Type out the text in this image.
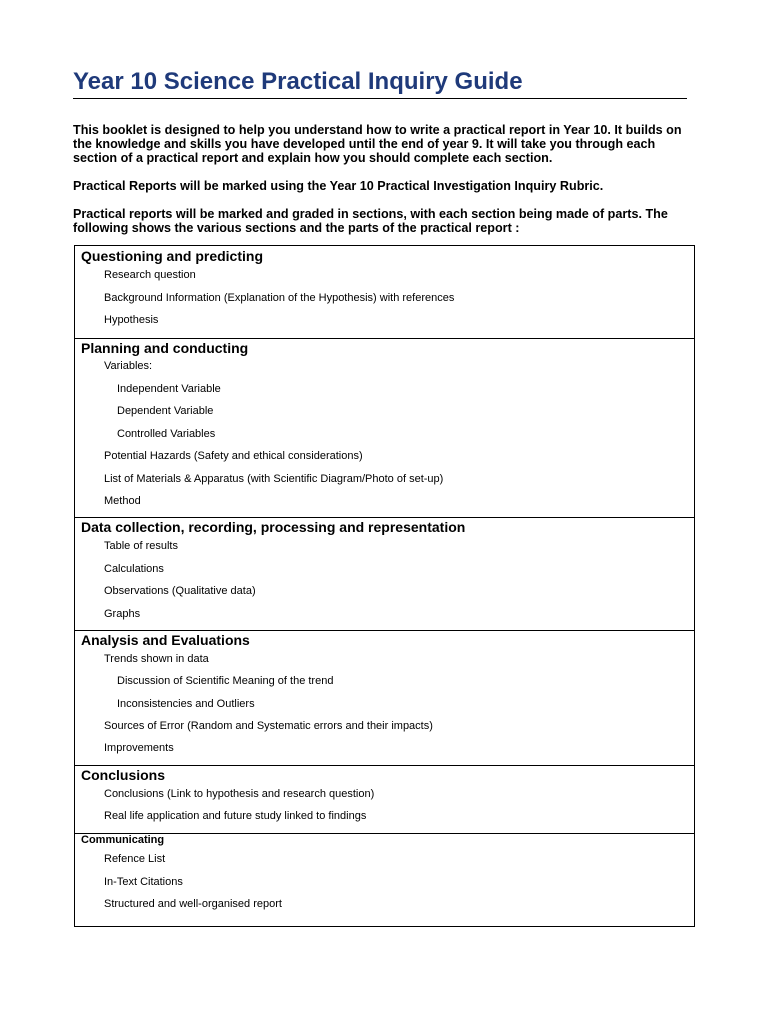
Year 10 Science Practical Inquiry Guide

This booklet is designed to help you understand how to write a practical report in Year 10. It builds on the knowledge and skills you have developed until the end of year 9. It will take you through each section of a practical report and explain how you should complete each section.

Practical Reports will be marked using the Year 10 Practical Investigation Inquiry Rubric.

Practical reports will be marked and graded in sections, with each section being made of parts. The following shows the various sections and the parts of the practical report :

Questioning and predicting
Research question
Background Information (Explanation of the Hypothesis) with references
Hypothesis
Planning and conducting
Variables:
Independent Variable
Dependent Variable
Controlled Variables
Potential Hazards (Safety and ethical considerations)
List of Materials & Apparatus (with Scientific Diagram/Photo of set-up)
Method
Data collection, recording, processing and representation
Table of results
Calculations
Observations (Qualitative data)
Graphs
Analysis and Evaluations
Trends shown in data
Discussion of Scientific Meaning of the trend
Inconsistencies and Outliers
Sources of Error (Random and Systematic errors and their impacts)
Improvements
Conclusions
Conclusions (Link to hypothesis and research question)
Real life application and future study linked to findings
Communicating
Refence List
In-Text Citations
Structured and well-organised report
